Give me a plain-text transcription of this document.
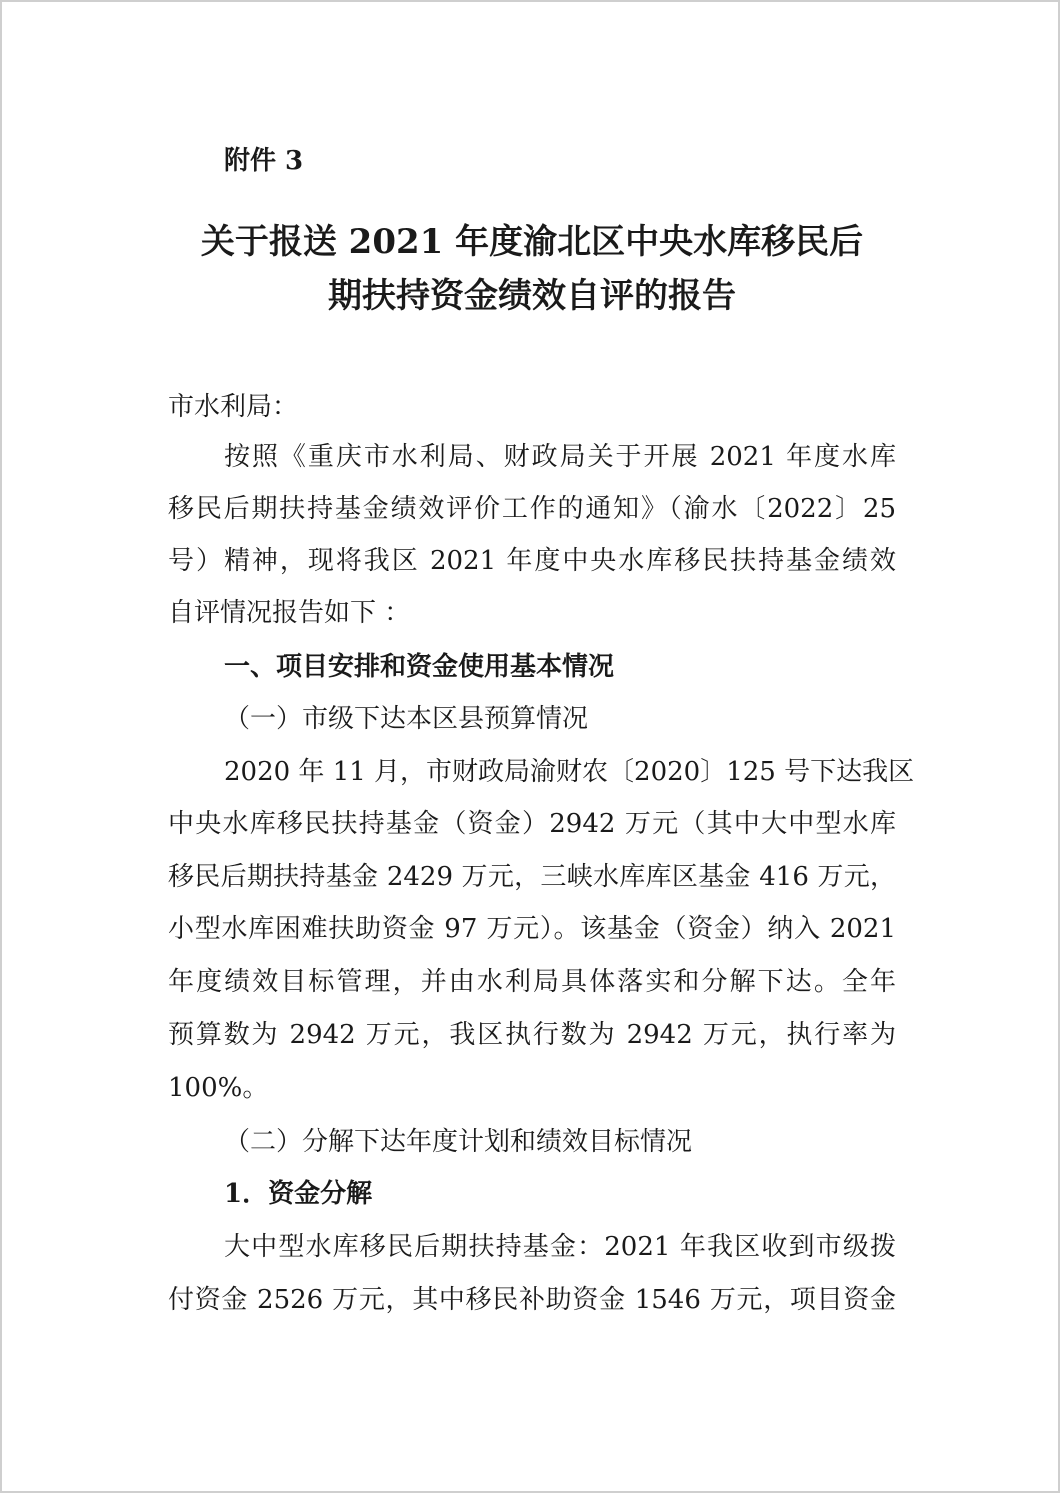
附件 3
关于报送 2021 年度渝北区中央水库移民后
期扶持资金绩效自评的报告
市水利局：
按照《重庆市水利局、财政局关于开展 2021 年度水库
移民后期扶持基金绩效评价工作的通知》（渝水〔2022〕25
号）精神，现将我区 2021 年度中央水库移民扶持基金绩效
自评情况报告如下 ：
一、项目安排和资金使用基本情况
（一）市级下达本区县预算情况
2020 年 11 月，市财政局渝财农〔2020〕125 号下达我区
中央水库移民扶持基金（资金）2942 万元（其中大中型水库
移民后期扶持基金 2429 万元，三峡水库库区基金 416 万元，
小型水库困难扶助资金 97 万元）。该基金（资金）纳入 2021
年度绩效目标管理，并由水利局具体落实和分解下达。全年
预算数为 2942 万元，我区执行数为 2942 万元，执行率为
100%。
（二）分解下达年度计划和绩效目标情况
1．资金分解
大中型水库移民后期扶持基金：2021 年我区收到市级拨
付资金 2526 万元，其中移民补助资金 1546 万元，项目资金
